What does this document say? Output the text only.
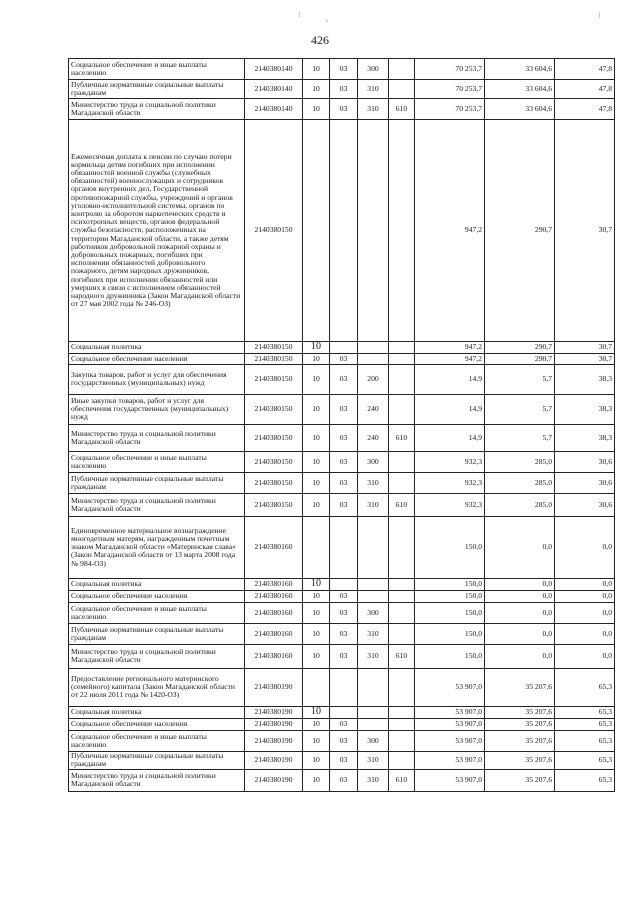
⁝	,	⁝
426
Социальное обеспечение и иные выплаты населению	2140380140	10	03	300		70 253,7	33 604,6	47,8
Публичные нормативные социальные выплаты гражданам	2140380140	10	03	310		70 253,7	33 604,6	47,8
Министерство труда и социальной политики Магаданской области	2140380140	10	03	310	610	70 253,7	33 604,6	47,8
Ежемесячная доплата к пенсии по случаю потери кормильца детям погибших при исполнении обязанностей военной службы (служебных обязанностей) военнослужащих и сотрудников органов внутренних дел, Государственной противопожарной службы, учреждений и органов уголовно-исполнительной системы, органов по контролю за оборотом наркотических средств и психотропных веществ, органов федеральной службы безопасности, расположенных на территории Магаданской области, а также детям работников добровольной пожарной охраны и добровольных пожарных, погибших при исполнении обязанностей добровольного пожарного, детям народных дружинников, погибших при исполнении обязанностей или умерших в связи с исполнением обязанностей народного дружинника (Закон Магаданской области от 27 мая 2002 года № 246-ОЗ)	2140380150					947,2	290,7	30,7
Социальная политика	2140380150	10				947,2	290,7	30,7
Социальное обеспечение населения	2140380150	10	03			947,2	290,7	30,7
Закупка товаров, работ и услуг для обеспечения государственных (муниципальных) нужд	2140380150	10	03	200		14,9	5,7	38,3
Иные закупки товаров, работ и услуг для обеспечения государственных (муниципальных) нужд	2140380150	10	03	240		14,9	5,7	38,3
Министерство труда и социальной политики Магаданской области	2140380150	10	03	240	610	14,9	5,7	38,3
Социальное обеспечение и иные выплаты населению	2140380150	10	03	300		932,3	285,0	30,6
Публичные нормативные социальные выплаты гражданам	2140380150	10	03	310		932,3	285,0	30,6
Министерство труда и социальной политики Магаданской области	2140380150	10	03	310	610	932,3	285,0	30,6
Единовременное материальное вознаграждение многодетным матерям, награжденным почетным знаком Магаданской области «Материнская слава» (Закон Магаданской области от 13 марта 2008 года № 984-ОЗ)	2140380160					150,0	0,0	0,0
Социальная политика	2140380160	10				150,0	0,0	0,0
Социальное обеспечение населения	2140380160	10	03			150,0	0,0	0,0
Социальное обеспечение и иные выплаты населению	2140380160	10	03	300		150,0	0,0	0,0
Публичные нормативные социальные выплаты гражданам	2140380160	10	03	310		150,0	0,0	0,0
Министерство труда и социальной политики Магаданской области	2140380160	10	03	310	610	150,0	0,0	0,0
Предоставление регионального материнского (семейного) капитала (Закон Магаданской области от 22 июля 2011 года № 1420-ОЗ)	2140380190					53 907,0	35 207,6	65,3
Социальная политика	2140380190	10				53 907,0	35 207,6	65,3
Социальное обеспечение населения	2140380190	10	03			53 907,0	35 207,6	65,3
Социальное обеспечение и иные выплаты населению	2140380190	10	03	300		53 907,0	35 207,6	65,3
Публичные нормативные социальные выплаты гражданам	2140380190	10	03	310		53 907,0	35 207,6	65,3
Министерство труда и социальной политики Магаданской области	2140380190	10	03	310	610	53 907,0	35 207,6	65,3
